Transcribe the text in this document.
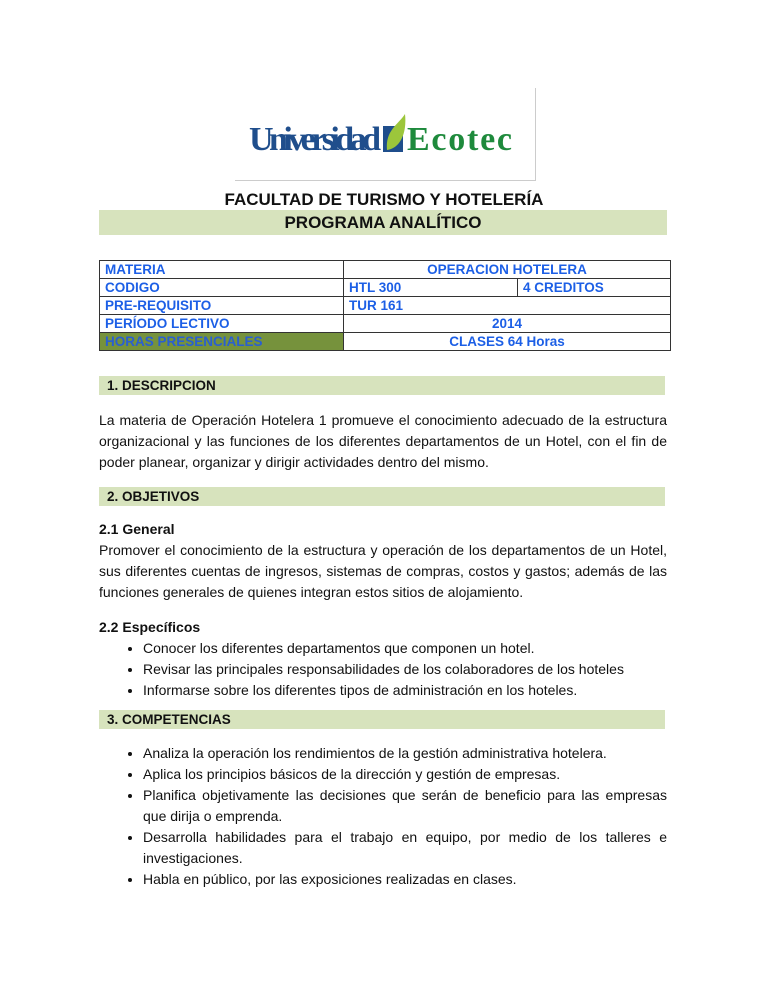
Universidad Ecotec
FACULTAD DE TURISMO Y HOTELERÍA
PROGRAMA ANALÍTICO
MATERIA	OPERACION HOTELERA	
CODIGO	HTL 300	4 CREDITOS
PRE-REQUISITO	TUR 161	
PERÍODO LECTIVO	2014	
HORAS PRESENCIALES	CLASES 64 Horas	
1. DESCRIPCION
La materia de Operación Hotelera 1 promueve el conocimiento adecuado de la estructura organizacional y las funciones de los diferentes departamentos de un Hotel, con el fin de poder planear, organizar y dirigir actividades dentro del mismo.
2. OBJETIVOS
2.1 General
Promover el conocimiento de la estructura y operación de los departamentos de un Hotel, sus diferentes cuentas de ingresos, sistemas de compras, costos y gastos; además de las funciones generales de quienes integran estos sitios de alojamiento.
2.2 Específicos
• Conocer los diferentes departamentos que componen un hotel.
• Revisar las principales responsabilidades de los colaboradores de los hoteles
• Informarse sobre los diferentes tipos de administración en los hoteles.
3. COMPETENCIAS
• Analiza la operación los rendimientos de la gestión administrativa hotelera.
• Aplica los principios básicos de la dirección y gestión de empresas.
• Planifica objetivamente las decisiones que serán de beneficio para las empresas que dirija o emprenda.
• Desarrolla habilidades para el trabajo en equipo, por medio de los talleres e investigaciones.
• Habla en público, por las exposiciones realizadas en clases.
